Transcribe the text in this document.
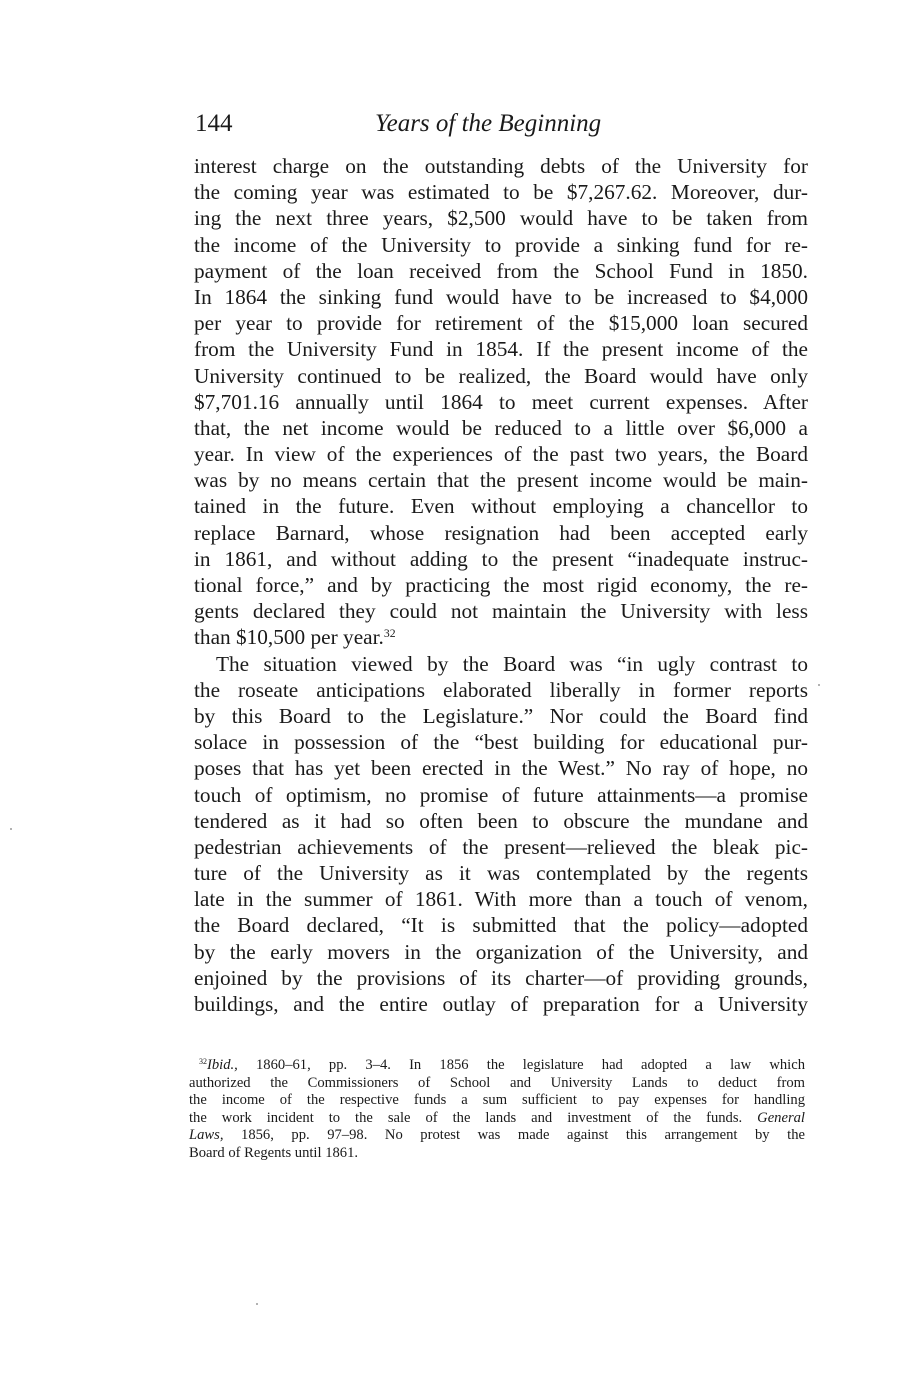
144	Years of the Beginning
interest charge on the outstanding debts of the University for
the coming year was estimated to be $7,267.62. Moreover, dur-
ing the next three years, $2,500 would have to be taken from
the income of the University to provide a sinking fund for re-
payment of the loan received from the School Fund in 1850.
In 1864 the sinking fund would have to be increased to $4,000
per year to provide for retirement of the $15,000 loan secured
from the University Fund in 1854. If the present income of the
University continued to be realized, the Board would have only
$7,701.16 annually until 1864 to meet current expenses. After
that, the net income would be reduced to a little over $6,000 a
year. In view of the experiences of the past two years, the Board
was by no means certain that the present income would be main-
tained in the future. Even without employing a chancellor to
replace Barnard, whose resignation had been accepted early
in 1861, and without adding to the present “inadequate instruc-
tional force,” and by practicing the most rigid economy, the re-
gents declared they could not maintain the University with less
than $10,500 per year.$^{32}$
The situation viewed by the Board was “in ugly contrast to
the roseate anticipations elaborated liberally in former reports
by this Board to the Legislature.” Nor could the Board find
solace in possession of the “best building for educational pur-
poses that has yet been erected in the West.” No ray of hope, no
touch of optimism, no promise of future attainments—a promise
tendered as it had so often been to obscure the mundane and
pedestrian achievements of the present—relieved the bleak pic-
ture of the University as it was contemplated by the regents
late in the summer of 1861. With more than a touch of venom,
the Board declared, “It is submitted that the policy—adopted
by the early movers in the organization of the University, and
enjoined by the provisions of its charter—of providing grounds,
buildings, and the entire outlay of preparation for a University
$^{32}$Ibid., 1860–61, pp. 3–4. In 1856 the legislature had adopted a law which
authorized the Commissioners of School and University Lands to deduct from
the income of the respective funds a sum sufficient to pay expenses for handling
the work incident to the sale of the lands and investment of the funds. General
Laws, 1856, pp. 97–98. No protest was made against this arrangement by the
Board of Regents until 1861.
